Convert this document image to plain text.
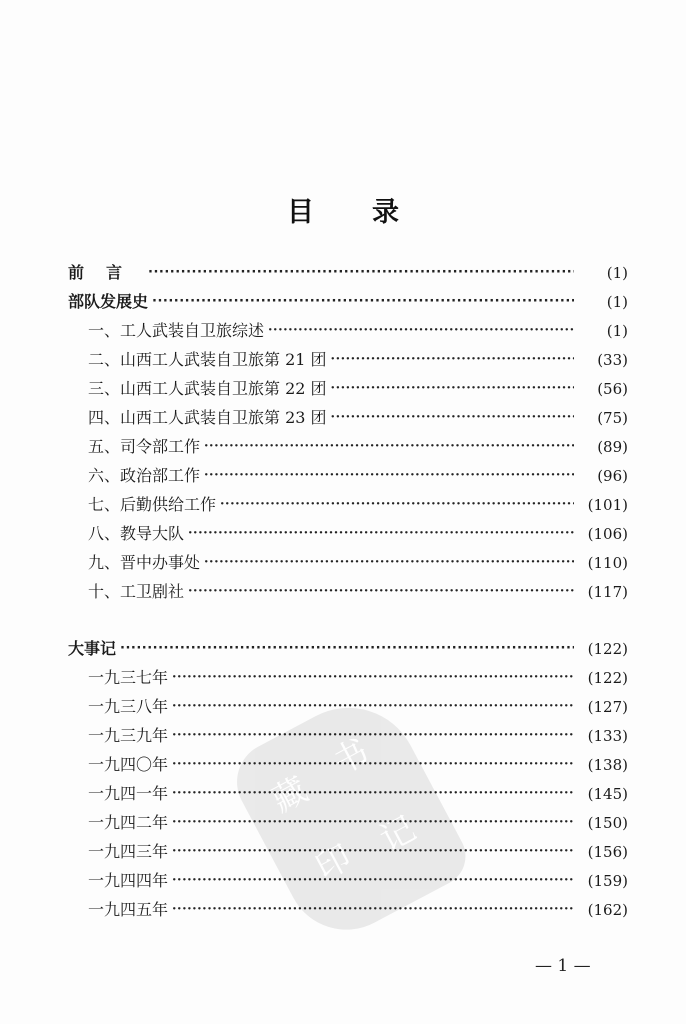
藏
书
印
记
目录
前言 ·····	(1)
部队发展史 ·····	(1)
一、工人武装自卫旅综述 ·····	(1)
二、山西工人武装自卫旅第 21 团 ·····	(33)
三、山西工人武装自卫旅第 22 团 ·····	(56)
四、山西工人武装自卫旅第 23 团 ·····	(75)
五、司令部工作 ·····	(89)
六、政治部工作 ·····	(96)
七、后勤供给工作 ·····	(101)
八、教导大队 ·····	(106)
九、晋中办事处 ·····	(110)
十、工卫剧社 ·····	(117)
大事记 ·····	(122)
一九三七年 ·····	(122)
一九三八年 ·····	(127)
一九三九年 ·····	(133)
一九四〇年 ·····	(138)
一九四一年 ·····	(145)
一九四二年 ·····	(150)
一九四三年 ·····	(156)
一九四四年 ·····	(159)
一九四五年 ·····	(162)
— 1 —
